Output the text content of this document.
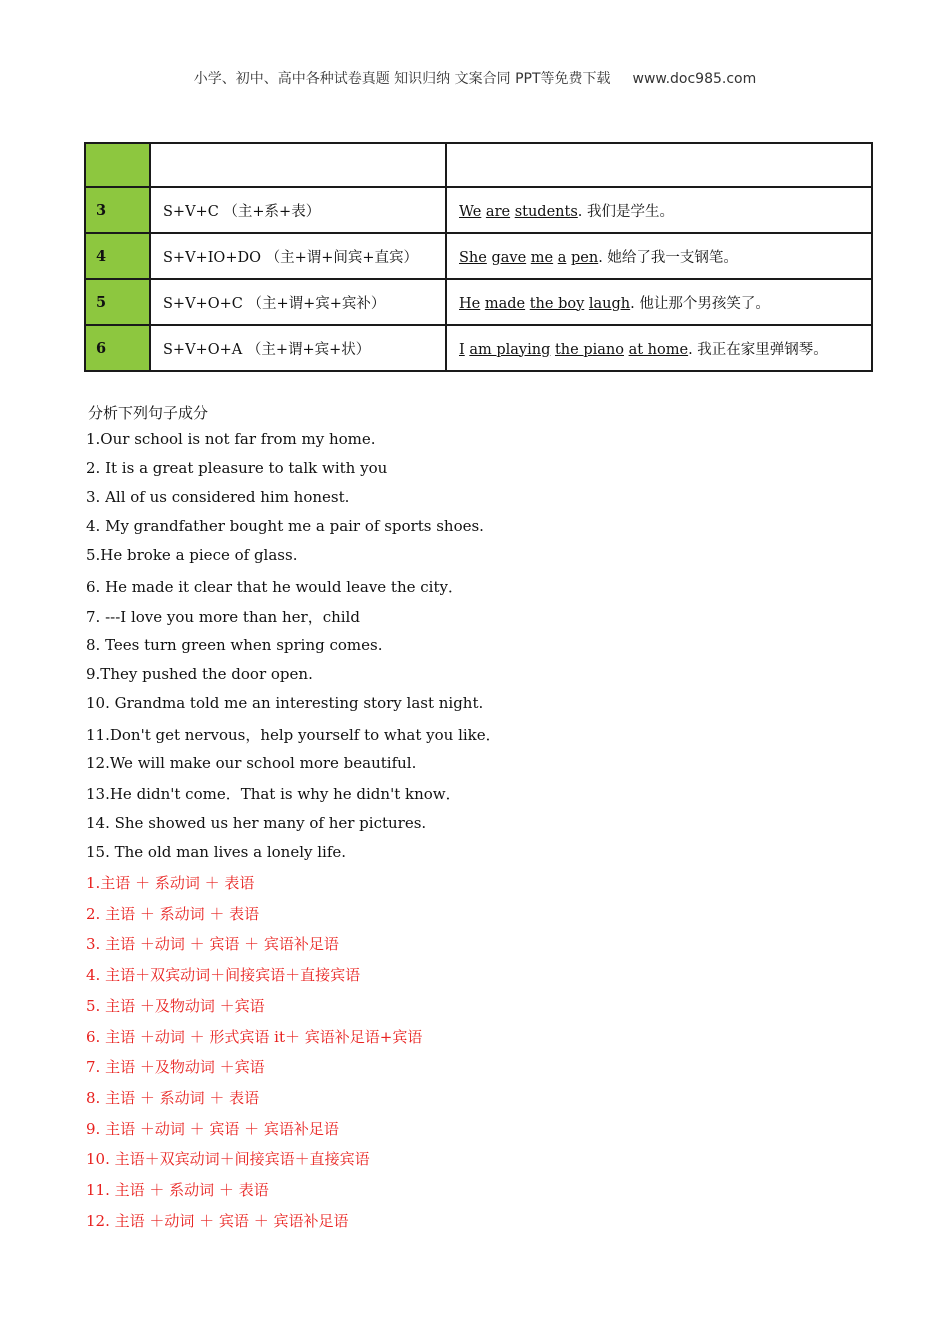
小学、初中、高中各种试卷真题 知识归纳 文案合同 PPT等免费下载 www.doc985.com

3	S+V+C （主+系+表）	We are students. 我们是学生。
4	S+V+IO+DO （主+谓+间宾+直宾）	She gave me a pen. 她给了我一支钢笔。
5	S+V+O+C （主+谓+宾+宾补）	He made the boy laugh. 他让那个男孩笑了。
6	S+V+O+A （主+谓+宾+状）	I am playing the piano at home. 我正在家里弹钢琴。
分析下列句子成分
1.Our school is not far from my home.
2. It is a great pleasure to talk with you
3. All of us considered him honest.
4. My grandfather bought me a pair of sports shoes.
5.He broke a piece of glass.
6. He made it clear that he would leave the city．
7. ---I love you more than her，child
8. Tees turn green when spring comes.
9.They pushed the door open.
10. Grandma told me an interesting story last night.
11.Don't get nervous，help yourself to what you like．
12.We will make our school more beautiful.
13.He didn't come．That is why he didn't know．
14. She showed us her many of her pictures.
15. The old man lives a lonely life.
1.主语 ＋ 系动词 ＋ 表语
2. 主语 ＋ 系动词 ＋ 表语
3. 主语 ＋动词 ＋ 宾语 ＋ 宾语补足语
4. 主语＋双宾动词＋间接宾语＋直接宾语
5. 主语 ＋及物动词 ＋宾语
6. 主语 ＋动词 ＋ 形式宾语 it＋ 宾语补足语+宾语
7. 主语 ＋及物动词 ＋宾语
8. 主语 ＋ 系动词 ＋ 表语
9. 主语 ＋动词 ＋ 宾语 ＋ 宾语补足语
10. 主语＋双宾动词＋间接宾语＋直接宾语
11. 主语 ＋ 系动词 ＋ 表语
12. 主语 ＋动词 ＋ 宾语 ＋ 宾语补足语
